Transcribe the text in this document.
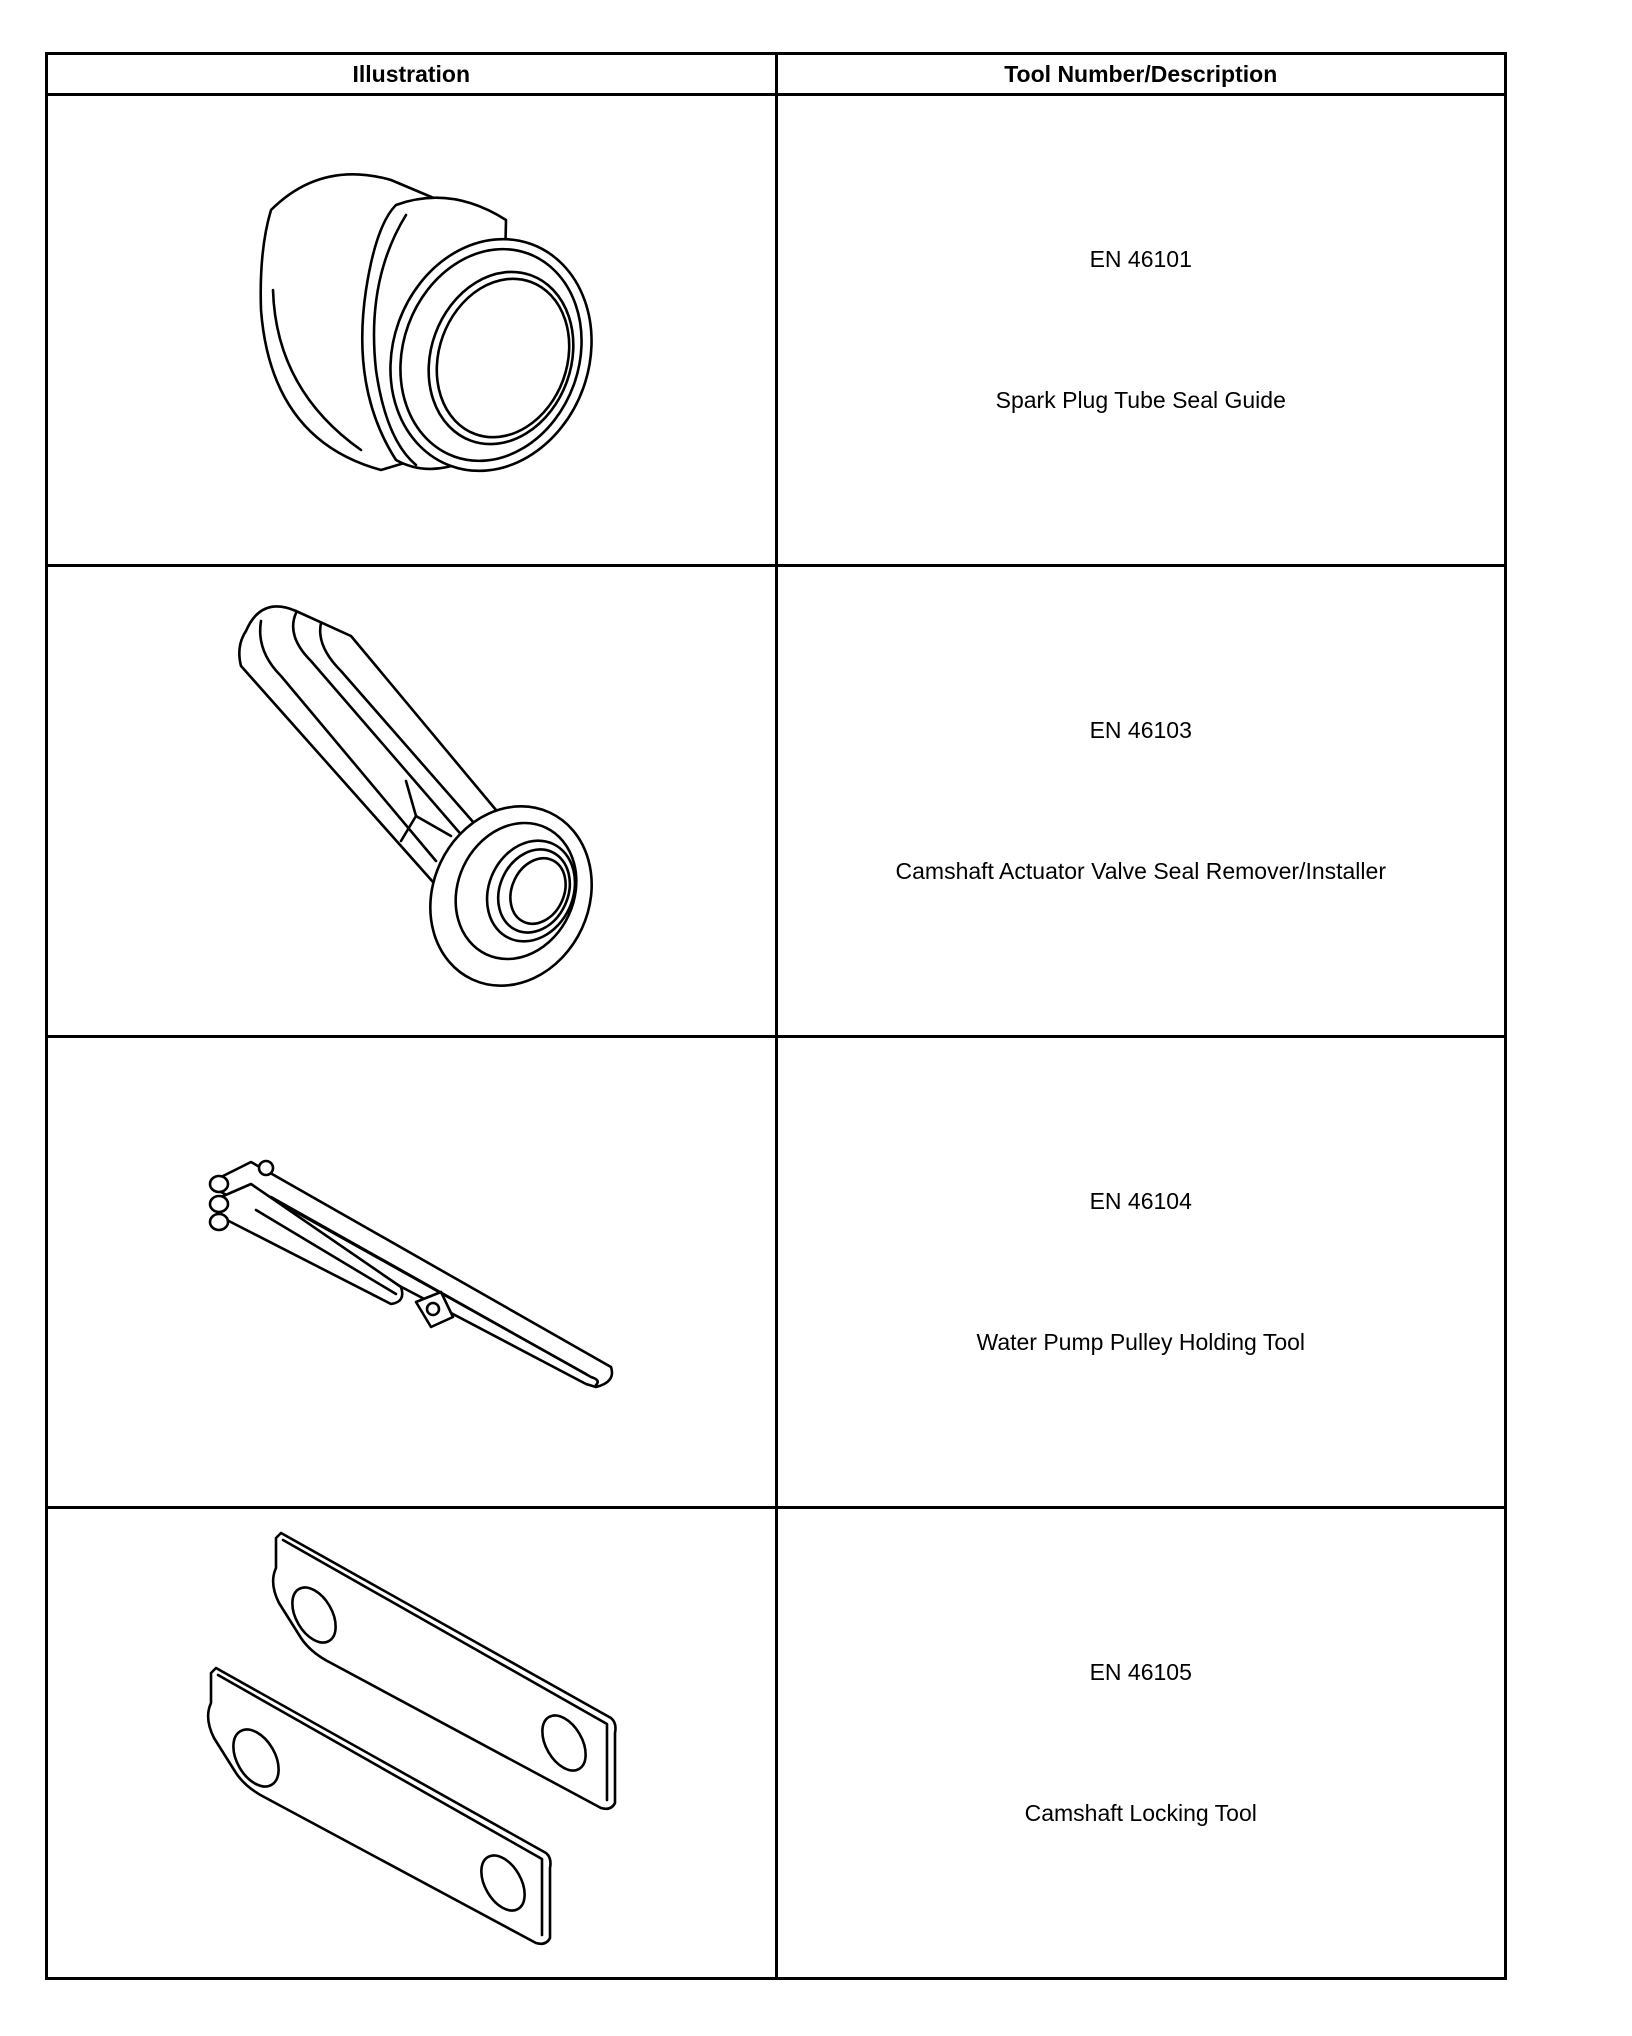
Illustration	Tool Number/Description

EN 46101
Spark Plug Tube Seal Guide

EN 46103
Camshaft Actuator Valve Seal Remover/Installer

EN 46104
Water Pump Pulley Holding Tool

EN 46105
Camshaft Locking Tool
